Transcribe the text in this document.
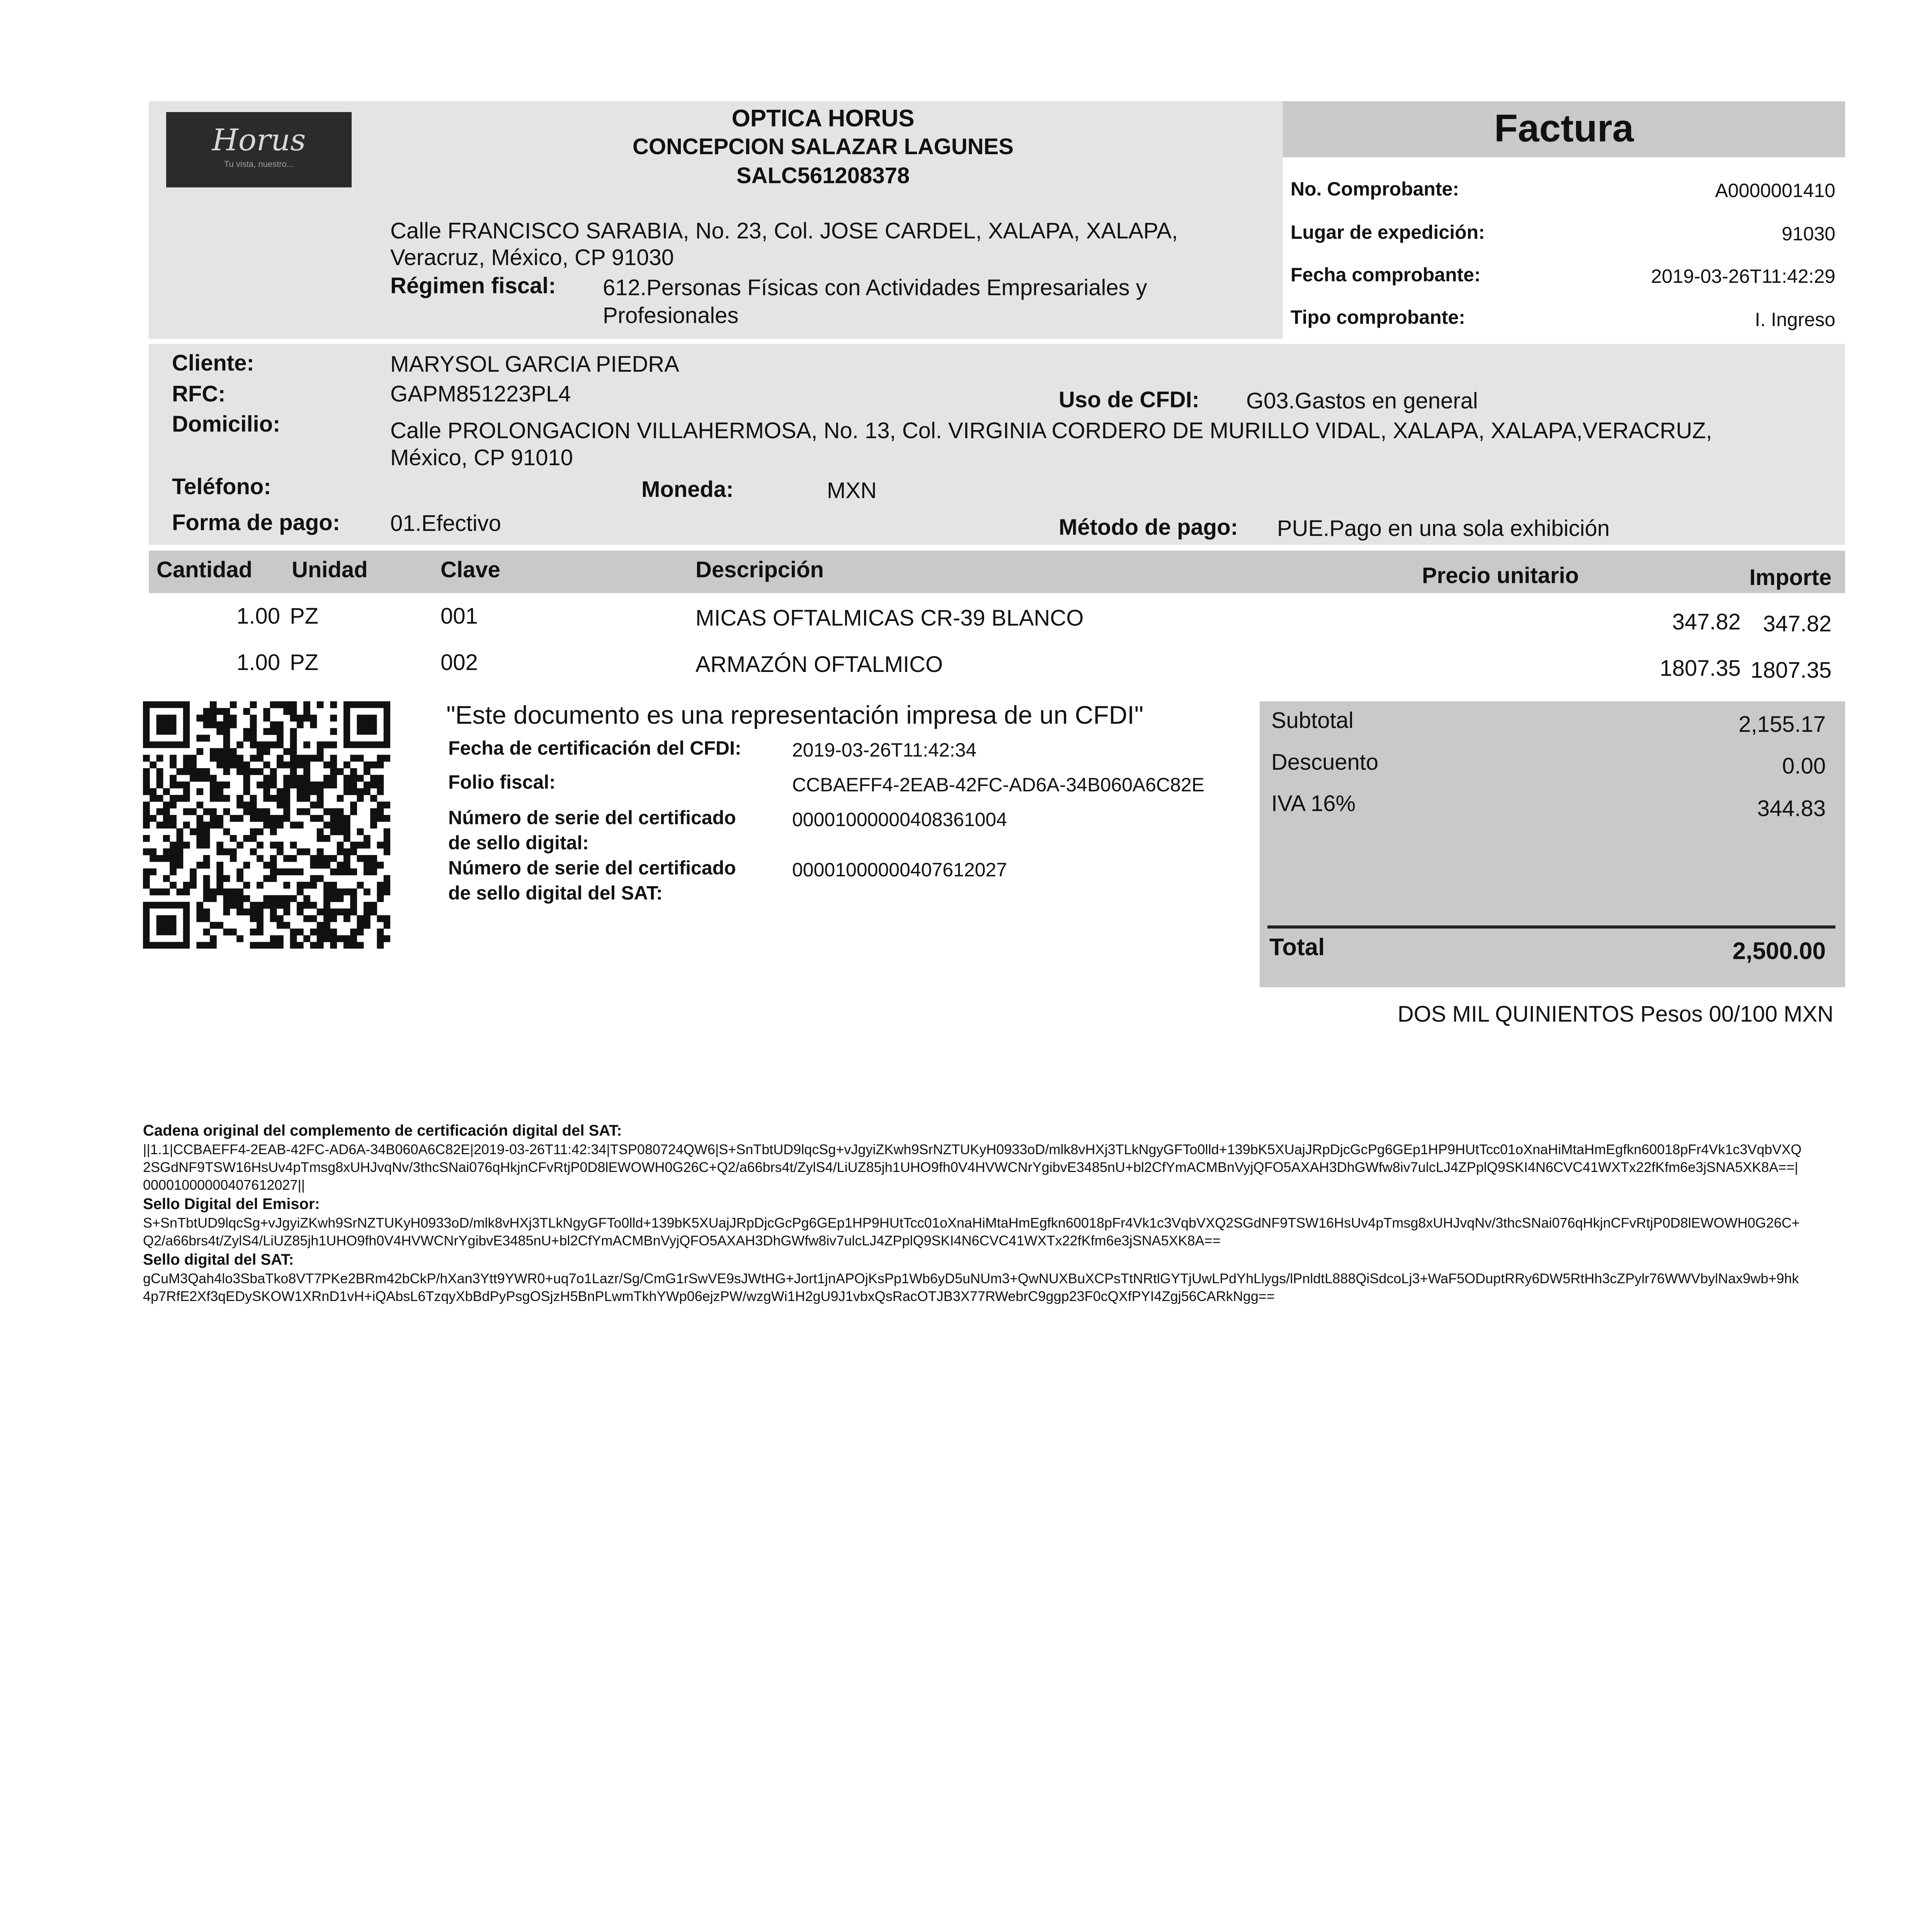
Horus
Tu vista, nuestro...
OPTICA HORUS
CONCEPCION SALAZAR LAGUNES
SALC561208378
Calle FRANCISCO SARABIA, No. 23, Col. JOSE CARDEL, XALAPA, XALAPA,
Veracruz, México, CP 91030
Régimen fiscal: 612.Personas Físicas con Actividades Empresariales y
Profesionales
Factura
No. Comprobante:	A0000001410
Lugar de expedición:	91030
Fecha comprobante:	2019-03-26T11:42:29
Tipo comprobante:	I. Ingreso
Cliente:	MARYSOL GARCIA PIEDRA
RFC:	GAPM851223PL4	Uso de CFDI: G03.Gastos en general
Domicilio:	Calle PROLONGACION VILLAHERMOSA, No. 13, Col. VIRGINIA CORDERO DE MURILLO VIDAL, XALAPA, XALAPA,VERACRUZ,
México, CP 91010
Teléfono:	Moneda:	MXN
Forma de pago: 01.Efectivo	Método de pago: PUE.Pago en una sola exhibición
Cantidad Unidad	Clave	Descripción	Precio unitario	Importe
1.00 PZ	001	MICAS OFTALMICAS CR-39 BLANCO	347.82 347.82
1.00 PZ	002	ARMAZÓN OFTALMICO	1807.35 1807.35
"Este documento es una representación impresa de un CFDI"
Fecha de certificación del CFDI:	2019-03-26T11:42:34
Folio fiscal:	CCBAEFF4-2EAB-42FC-AD6A-34B060A6C82E
Número de serie del certificado
de sello digital:
00001000000408361004
Número de serie del certificado
de sello digital del SAT:
00001000000407612027
Subtotal	2,155.17
Descuento	0.00
IVA 16%	344.83
Total	2,500.00
DOS MIL QUINIENTOS Pesos 00/100 MXN
Cadena original del complemento de certificación digital del SAT:
||1.1|CCBAEFF4-2EAB-42FC-AD6A-34B060A6C82E|2019-03-26T11:42:34|TSP080724QW6|S+SnTbtUD9lqcSg+vJgyiZKwh9SrNZTUKyH0933oD/mlk8vHXj3TLkNgyGFTo0lld+139bK5XUajJRpDjcGcPg6GEp1HP9HUtTcc01oXnaHiMtaHmEgfkn60018pFr4Vk1c3VqbVXQ2SGdNF9TSW16HsUv4pTmsg8xUHJvqNv/3thcSNai076qHkjnCFvRtjP0D8lEWOWH0G26C+Q2/a66brs4t/ZylS4/LiUZ85jh1UHO9fh0V4HVWCNrYgibvE3485nU+bl2CfYmACMBnVyjQFO5AXAH3DhGWfw8iv7ulcLJ4ZPplQ9SKI4N6CVC41WXTx22fKfm6e3jSNA5XK8A==|00001000000407612027||
Sello Digital del Emisor:
S+SnTbtUD9lqcSg+vJgyiZKwh9SrNZTUKyH0933oD/mlk8vHXj3TLkNgyGFTo0lld+139bK5XUajJRpDjcGcPg6GEp1HP9HUtTcc01oXnaHiMtaHmEgfkn60018pFr4Vk1c3VqbVXQ2SGdNF9TSW16HsUv4pTmsg8xUHJvqNv/3thcSNai076qHkjnCFvRtjP0D8lEWOWH0G26C+Q2/a66brs4t/ZylS4/LiUZ85jh1UHO9fh0V4HVWCNrYgibvE3485nU+bl2CfYmACMBnVyjQFO5AXAH3DhGWfw8iv7ulcLJ4ZPplQ9SKI4N6CVC41WXTx22fKfm6e3jSNA5XK8A==
Sello digital del SAT:
gCuM3Qah4lo3SbaTko8VT7PKe2BRm42bCkP/hXan3Ytt9YWR0+uq7o1Lazr/Sg/CmG1rSwVE9sJWtHG+Jort1jnAPOjKsPp1Wb6yD5uNUm3+QwNUXBuXCPsTtNRtlGYTjUwLPdYhLlygs/lPnldtL888QiSdcoLj3+WaF5ODuptRRy6DW5RtHh3cZPylr76WWVbylNax9wb+9hk4p7RfE2Xf3qEDySKOW1XRnD1vH+iQAbsL6TzqyXbBdPyPsgOSjzH5BnPLwmTkhYWp06ejzPW/wzgWi1H2gU9J1vbxQsRacOTJB3X77RWebrC9ggp23F0cQXfPYI4Zgj56CARkNgg==
